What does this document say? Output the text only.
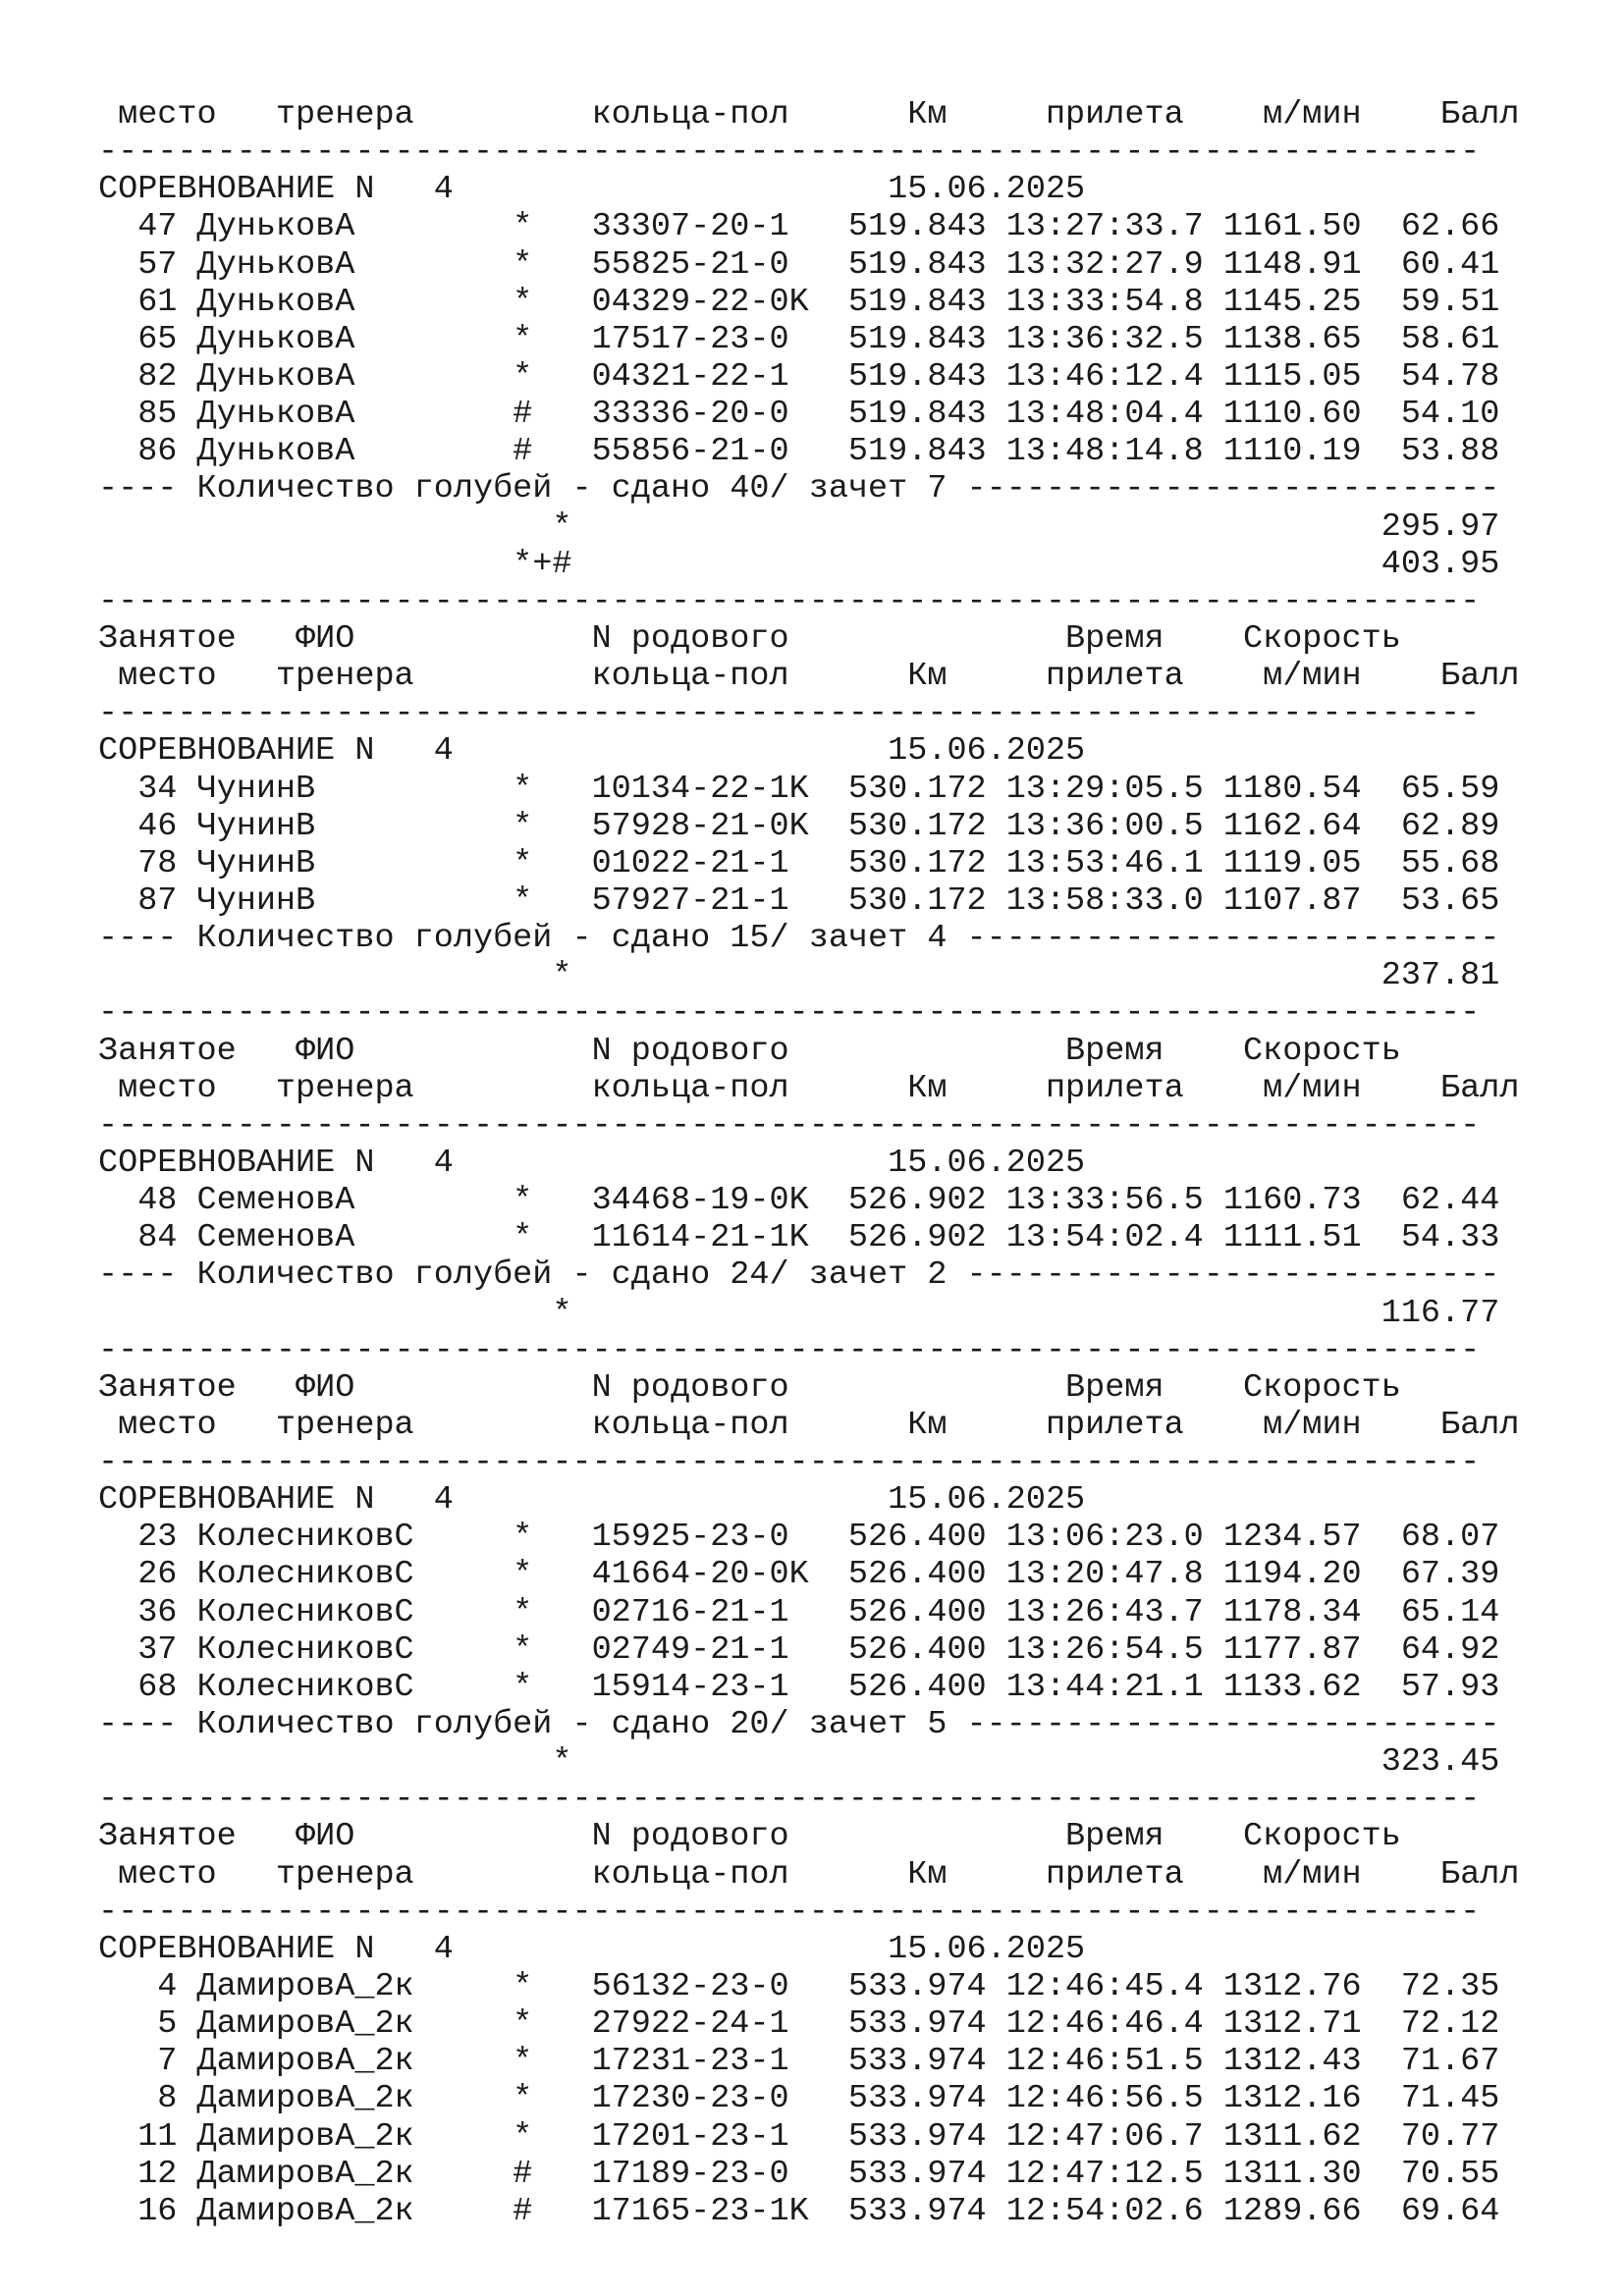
место   тренера         кольца-пол      Км     прилета    м/мин    Балл
----------------------------------------------------------------------
СОРЕВНОВАНИЕ N   4                      15.06.2025
47 ДуньковА        *   33307-20-1   519.843 13:27:33.7 1161.50  62.66
57 ДуньковА        *   55825-21-0   519.843 13:32:27.9 1148.91  60.41
61 ДуньковА        *   04329-22-0K  519.843 13:33:54.8 1145.25  59.51
65 ДуньковА        *   17517-23-0   519.843 13:36:32.5 1138.65  58.61
82 ДуньковА        *   04321-22-1   519.843 13:46:12.4 1115.05  54.78
85 ДуньковА        #   33336-20-0   519.843 13:48:04.4 1110.60  54.10
86 ДуньковА        #   55856-21-0   519.843 13:48:14.8 1110.19  53.88
---- Количество голубей - сдано 40/ зачет 7 ---------------------------
*                                         295.97
*+#                                         403.95
----------------------------------------------------------------------
Занятое   ФИО            N родового              Время    Скорость
место   тренера         кольца-пол      Км     прилета    м/мин    Балл
----------------------------------------------------------------------
СОРЕВНОВАНИЕ N   4                      15.06.2025
34 ЧунинВ          *   10134-22-1K  530.172 13:29:05.5 1180.54  65.59
46 ЧунинВ          *   57928-21-0K  530.172 13:36:00.5 1162.64  62.89
78 ЧунинВ          *   01022-21-1   530.172 13:53:46.1 1119.05  55.68
87 ЧунинВ          *   57927-21-1   530.172 13:58:33.0 1107.87  53.65
---- Количество голубей - сдано 15/ зачет 4 ---------------------------
*                                         237.81
----------------------------------------------------------------------
Занятое   ФИО            N родового              Время    Скорость
место   тренера         кольца-пол      Км     прилета    м/мин    Балл
----------------------------------------------------------------------
СОРЕВНОВАНИЕ N   4                      15.06.2025
48 СеменовА        *   34468-19-0K  526.902 13:33:56.5 1160.73  62.44
84 СеменовА        *   11614-21-1K  526.902 13:54:02.4 1111.51  54.33
---- Количество голубей - сдано 24/ зачет 2 ---------------------------
*                                         116.77
----------------------------------------------------------------------
Занятое   ФИО            N родового              Время    Скорость
место   тренера         кольца-пол      Км     прилета    м/мин    Балл
----------------------------------------------------------------------
СОРЕВНОВАНИЕ N   4                      15.06.2025
23 КолесниковС     *   15925-23-0   526.400 13:06:23.0 1234.57  68.07
26 КолесниковС     *   41664-20-0K  526.400 13:20:47.8 1194.20  67.39
36 КолесниковС     *   02716-21-1   526.400 13:26:43.7 1178.34  65.14
37 КолесниковС     *   02749-21-1   526.400 13:26:54.5 1177.87  64.92
68 КолесниковС     *   15914-23-1   526.400 13:44:21.1 1133.62  57.93
---- Количество голубей - сдано 20/ зачет 5 ---------------------------
*                                         323.45
----------------------------------------------------------------------
Занятое   ФИО            N родового              Время    Скорость
место   тренера         кольца-пол      Км     прилета    м/мин    Балл
----------------------------------------------------------------------
СОРЕВНОВАНИЕ N   4                      15.06.2025
4 ДамировА_2к     *   56132-23-0   533.974 12:46:45.4 1312.76  72.35
5 ДамировА_2к     *   27922-24-1   533.974 12:46:46.4 1312.71  72.12
7 ДамировА_2к     *   17231-23-1   533.974 12:46:51.5 1312.43  71.67
8 ДамировА_2к     *   17230-23-0   533.974 12:46:56.5 1312.16  71.45
11 ДамировА_2к     *   17201-23-1   533.974 12:47:06.7 1311.62  70.77
12 ДамировА_2к     #   17189-23-0   533.974 12:47:12.5 1311.30  70.55
16 ДамировА_2к     #   17165-23-1K  533.974 12:54:02.6 1289.66  69.64
